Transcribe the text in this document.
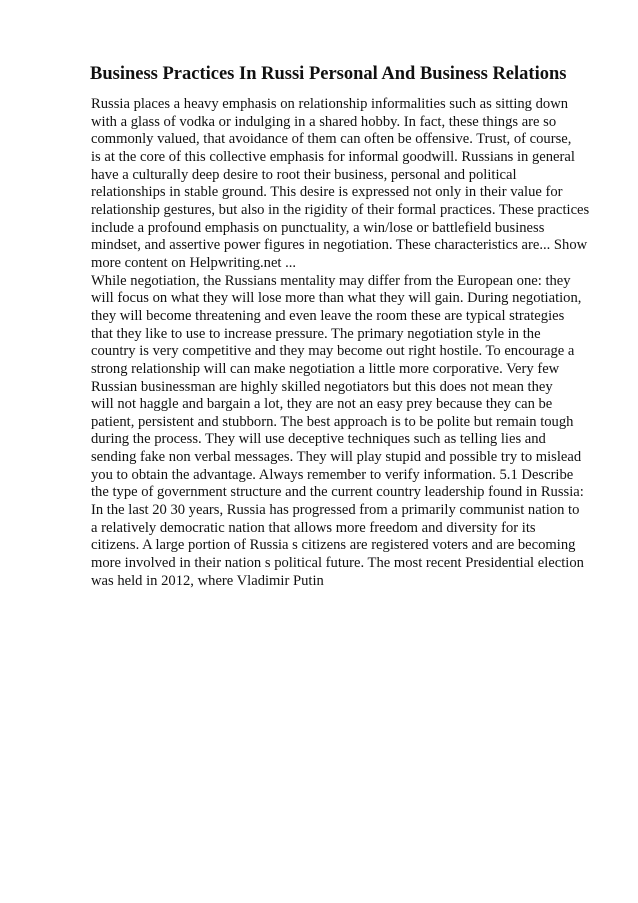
Business Practices In Russi Personal And Business Relations
Russia places a heavy emphasis on relationship informalities such as sitting down
with a glass of vodka or indulging in a shared hobby. In fact, these things are so
commonly valued, that avoidance of them can often be offensive. Trust, of course,
is at the core of this collective emphasis for informal goodwill. Russians in general
have a culturally deep desire to root their business, personal and political
relationships in stable ground. This desire is expressed not only in their value for
relationship gestures, but also in the rigidity of their formal practices. These practices
include a profound emphasis on punctuality, a win/lose or battlefield business
mindset, and assertive power figures in negotiation. These characteristics are... Show
more content on Helpwriting.net ...
While negotiation, the Russians mentality may differ from the European one: they
will focus on what they will lose more than what they will gain. During negotiation,
they will become threatening and even leave the room these are typical strategies
that they like to use to increase pressure. The primary negotiation style in the
country is very competitive and they may become out right hostile. To encourage a
strong relationship will can make negotiation a little more corporative. Very few
Russian businessman are highly skilled negotiators but this does not mean they
will not haggle and bargain a lot, they are not an easy prey because they can be
patient, persistent and stubborn. The best approach is to be polite but remain tough
during the process. They will use deceptive techniques such as telling lies and
sending fake non verbal messages. They will play stupid and possible try to mislead
you to obtain the advantage. Always remember to verify information. 5.1 Describe
the type of government structure and the current country leadership found in Russia:
In the last 20 30 years, Russia has progressed from a primarily communist nation to
a relatively democratic nation that allows more freedom and diversity for its
citizens. A large portion of Russia s citizens are registered voters and are becoming
more involved in their nation s political future. The most recent Presidential election
was held in 2012, where Vladimir Putin
